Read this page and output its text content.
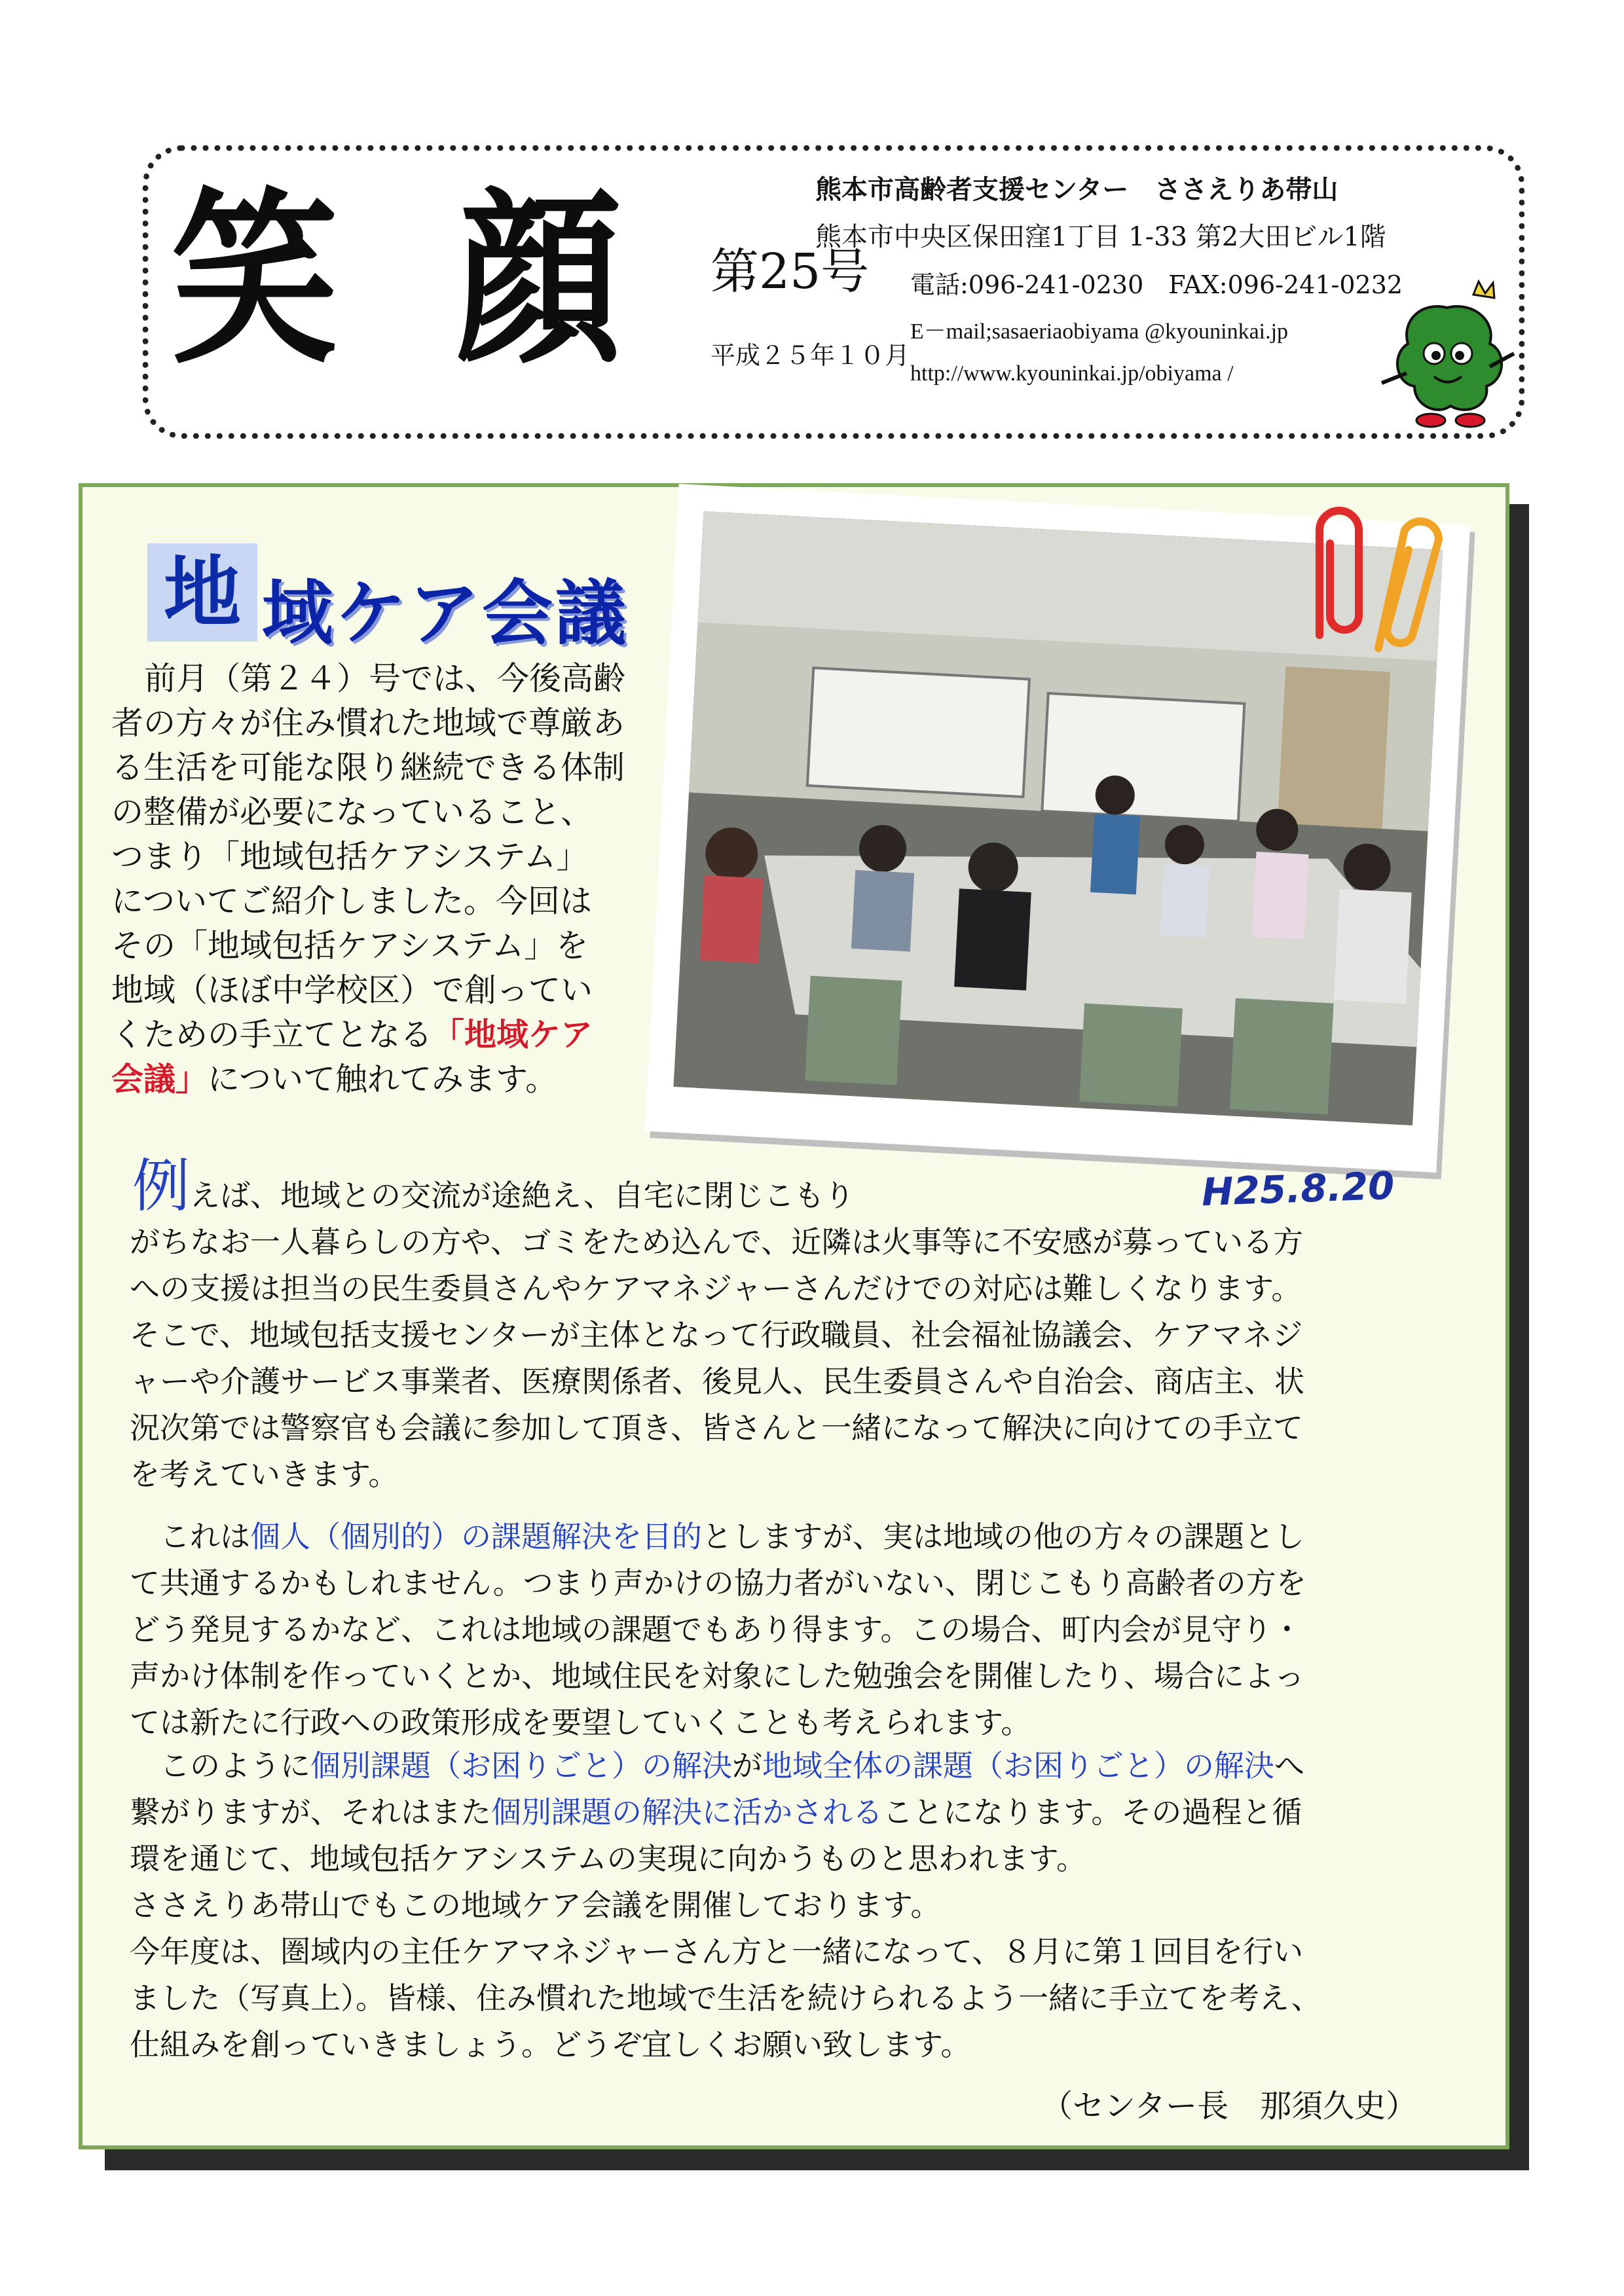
笑 顔 第25号
平成２５年１０月
熊本市高齢者支援センター　ささえりあ帯山
熊本市中央区保田窪1丁目 1-33 第2大田ビル1階
電話:096-241-0230　FAX:096-241-0232
E－mail;sasaeriaobiyama @kyouninkai.jp
http://www.kyouninkai.jp/obiyama /
地 域ケア会議
H25.8.20
前月（第２４）号では、今後高齢
者の方々が住み慣れた地域で尊厳あ
る生活を可能な限り継続できる体制
の整備が必要になっていること、
つまり「地域包括ケアシステム」
についてご紹介しました。今回は
その「地域包括ケアシステム」を
地域（ほぼ中学校区）で創ってい
くための手立てとなる「地域ケア
会議」について触れてみます。
例えば、地域との交流が途絶え、自宅に閉じこもり
がちなお一人暮らしの方や、ゴミをため込んで、近隣は火事等に不安感が募っている方
への支援は担当の民生委員さんやケアマネジャーさんだけでの対応は難しくなります。
そこで、地域包括支援センターが主体となって行政職員、社会福祉協議会、ケアマネジ
ャーや介護サービス事業者、医療関係者、後見人、民生委員さんや自治会、商店主、状
況次第では警察官も会議に参加して頂き、皆さんと一緒になって解決に向けての手立て
を考えていきます。
これは個人（個別的）の課題解決を目的としますが、実は地域の他の方々の課題とし
て共通するかもしれません。つまり声かけの協力者がいない、閉じこもり高齢者の方を
どう発見するかなど、これは地域の課題でもあり得ます。この場合、町内会が見守り・
声かけ体制を作っていくとか、地域住民を対象にした勉強会を開催したり、場合によっ
ては新たに行政への政策形成を要望していくことも考えられます。
このように個別課題（お困りごと）の解決が地域全体の課題（お困りごと）の解決へ
繋がりますが、それはまた個別課題の解決に活かされることになります。その過程と循
環を通じて、地域包括ケアシステムの実現に向かうものと思われます。
ささえりあ帯山でもこの地域ケア会議を開催しております。
今年度は、圏域内の主任ケアマネジャーさん方と一緒になって、８月に第１回目を行い
ました（写真上）。皆様、住み慣れた地域で生活を続けられるよう一緒に手立てを考え、
仕組みを創っていきましょう。どうぞ宜しくお願い致します。
（センター長　那須久史）
